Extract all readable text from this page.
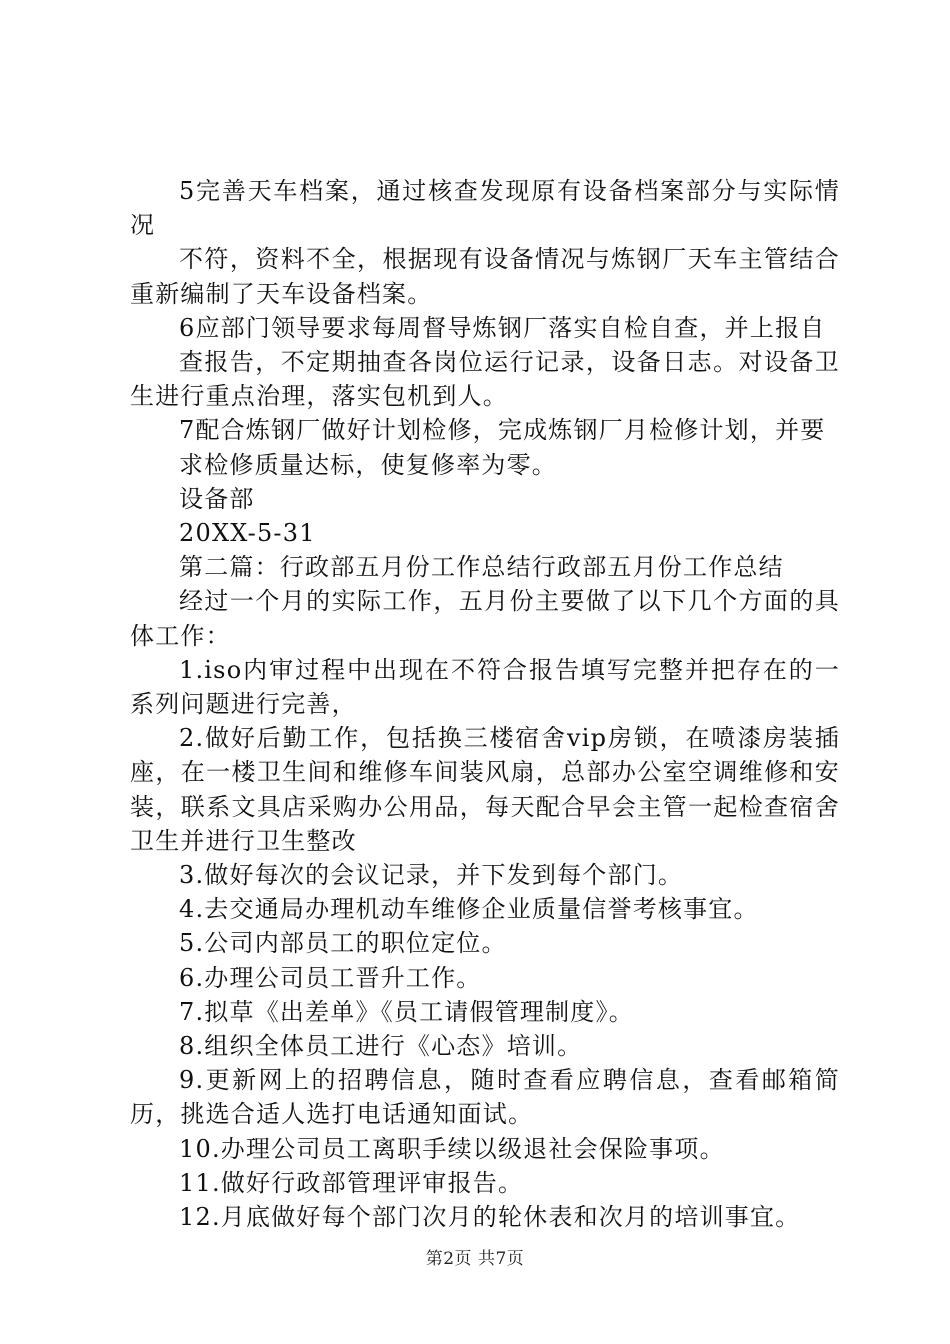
5完善天车档案，通过核查发现原有设备档案部分与实际情况

不符，资料不全，根据现有设备情况与炼钢厂天车主管结合重新编制了天车设备档案。

6应部门领导要求每周督导炼钢厂落实自检自查，并上报自

查报告，不定期抽查各岗位运行记录，设备日志。对设备卫生进行重点治理，落实包机到人。

7配合炼钢厂做好计划检修，完成炼钢厂月检修计划，并要

求检修质量达标，使复修率为零。

设备部

20XX-5-31

第二篇：行政部五月份工作总结行政部五月份工作总结

经过一个月的实际工作，五月份主要做了以下几个方面的具体工作：

1.iso内审过程中出现在不符合报告填写完整并把存在的一系列问题进行完善，

2.做好后勤工作，包括换三楼宿舍vip房锁，在喷漆房装插座，在一楼卫生间和维修车间装风扇，总部办公室空调维修和安装，联系文具店采购办公用品，每天配合早会主管一起检查宿舍卫生并进行卫生整改

3.做好每次的会议记录，并下发到每个部门。

4.去交通局办理机动车维修企业质量信誉考核事宜。

5.公司内部员工的职位定位。

6.办理公司员工晋升工作。

7.拟草《出差单》《员工请假管理制度》。

8.组织全体员工进行《心态》培训。

9.更新网上的招聘信息，随时查看应聘信息，查看邮箱简历，挑选合适人选打电话通知面试。

10.办理公司员工离职手续以级退社会保险事项。

11.做好行政部管理评审报告。

12.月底做好每个部门次月的轮休表和次月的培训事宜。

第2页 共7页
